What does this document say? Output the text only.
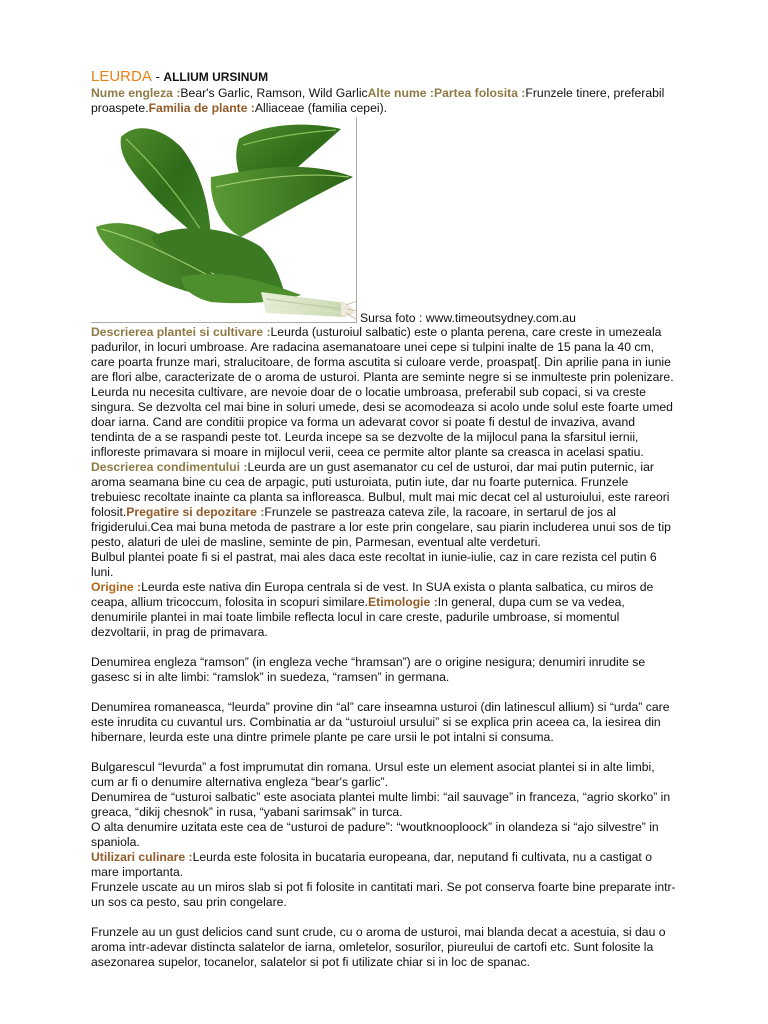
LEURDA - ALLIUM URSINUM

Nume engleza :Bear's Garlic, Ramson, Wild GarlicAlte nume :Partea folosita :Frunzele tinere, preferabil proaspete.Familia de plante :Alliaceae (familia cepei).

Sursa foto : www.timeoutsydney.com.au

Descrierea plantei si cultivare :Leurda (usturoiul salbatic) este o planta perena, care creste in umezeala padurilor, in locuri umbroase. Are radacina asemanatoare unei cepe si tulpini inalte de 15 pana la 40 cm, care poarta frunze mari, stralucitoare, de forma ascutita si culoare verde, proaspat[. Din aprilie pana in iunie are flori albe, caracterizate de o aroma de usturoi. Planta are seminte negre si se inmulteste prin polenizare.

Leurda nu necesita cultivare, are nevoie doar de o locatie umbroasa, preferabil sub copaci, si va creste singura. Se dezvolta cel mai bine in soluri umede, desi se acomodeaza si acolo unde solul este foarte umed doar iarna. Cand are conditii propice va forma un adevarat covor si poate fi destul de invaziva, avand tendinta de a se raspandi peste tot. Leurda incepe sa se dezvolte de la mijlocul pana la sfarsitul iernii, infloreste primavara si moare in mijlocul verii, ceea ce permite altor plante sa creasca in acelasi spatiu.

Descrierea condimentului :Leurda are un gust asemanator cu cel de usturoi, dar mai putin puternic, iar aroma seamana bine cu cea de arpagic, puti usturoiata, putin iute, dar nu foarte puternica. Frunzele trebuiesc recoltate inainte ca planta sa infloreasca. Bulbul, mult mai mic decat cel al usturoiului, este rareori folosit.Pregatire si depozitare :Frunzele se pastreaza cateva zile, la racoare, in sertarul de jos al frigiderului.Cea mai buna metoda de pastrare a lor este prin congelare, sau piarin includerea unui sos de tip pesto, alaturi de ulei de masline, seminte de pin, Parmesan, eventual alte verdeturi.

Bulbul plantei poate fi si el pastrat, mai ales daca este recoltat in iunie-iulie, caz in care rezista cel putin 6 luni.

Origine :Leurda este nativa din Europa centrala si de vest. In SUA exista o planta salbatica, cu miros de ceapa, allium tricoccum, folosita in scopuri similare.Etimologie :In general, dupa cum se va vedea, denumirile plantei in mai toate limbile reflecta locul in care creste, padurile umbroase, si momentul dezvoltarii, in prag de primavara.

Denumirea engleza “ramson” (in engleza veche “hramsan”) are o origine nesigura; denumiri inrudite se gasesc si in alte limbi: “ramslok” in suedeza, “ramsen” in germana.

Denumirea romaneasca, “leurda” provine din “al” care inseamna usturoi (din latinescul allium) si “urda” care este inrudita cu cuvantul urs. Combinatia ar da “usturoiul ursului” si se explica prin aceea ca, la iesirea din hibernare, leurda este una dintre primele plante pe care ursii le pot intalni si consuma.

Bulgarescul “levurda” a fost imprumutat din romana. Ursul este un element asociat plantei si in alte limbi, cum ar fi o denumire alternativa engleza “bear's garlic”.

Denumirea de “usturoi salbatic” este asociata plantei multe limbi: “ail sauvage” in franceza, “agrio skorko” in greaca, “dikij chesnok” in rusa, “yabani sarimsak” in turca.

O alta denumire uzitata este cea de “usturoi de padure”: “woutknooploock” in olandeza si “ajo silvestre” in spaniola.

Utilizari culinare :Leurda este folosita in bucataria europeana, dar, neputand fi cultivata, nu a castigat o mare importanta.

Frunzele uscate au un miros slab si pot fi folosite in cantitati mari. Se pot conserva foarte bine preparate intr-un sos ca pesto, sau prin congelare.

Frunzele au un gust delicios cand sunt crude, cu o aroma de usturoi, mai blanda decat a acestuia, si dau o aroma intr-adevar distincta salatelor de iarna, omletelor, sosurilor, piureului de cartofi etc. Sunt folosite la asezonarea supelor, tocanelor, salatelor si pot fi utilizate chiar si in loc de spanac.
